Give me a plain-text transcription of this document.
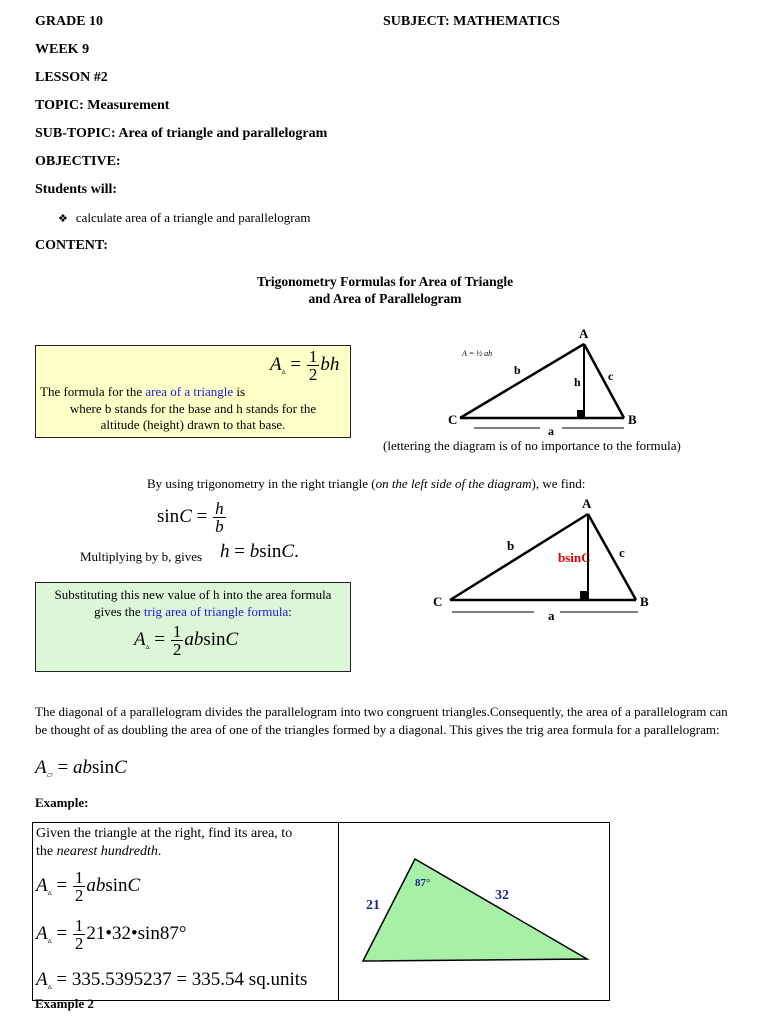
GRADE 10	SUBJECT: MATHEMATICS
WEEK 9
LESSON #2
TOPIC: Measurement
SUB-TOPIC: Area of triangle and parallelogram
OBJECTIVE:
Students will:
❖ calculate area of a triangle and parallelogram
CONTENT:
Trigonometry Formulas for Area of Triangle
and Area of Parallelogram
$A_▵ = \frac{1}{2}$ bh
The formula for the area of a triangle is
where b stands for the base and h stands for the
altitude (height) drawn to that base.
A = ½ ah
A
C	B
b	c
h
a
(lettering the diagram is of no importance to the formula)
By using trigonometry in the right triangle (on the left side of the diagram), we find:
$\sin C = \frac{h}{b}$
Multiplying by b, gives h = bsinC.
A
C	B
b	c
bsinC
a
Substituting this new value of h into the area formula
gives the trig area of triangle formula:
$A_▵ = \frac{1}{2}$ absinC
The diagonal of a parallelogram divides the parallelogram into two congruent triangles.Consequently, the area of a parallelogram can be thought of as doubling the area of one of the triangles formed by a diagonal. This gives the trig area formula for a parallelogram:
$A_▱ = absinC$
Example:
Given the triangle at the right, find its area, to
the nearest hundredth.
$A_▵ = \frac{1}{2}$ absinC
$A_▵ = \frac{1}{2}$ 21•32•sin87°
$A_▵ = 335.5395237 = 335.54$ sq.units

21
32
87°
Example 2
